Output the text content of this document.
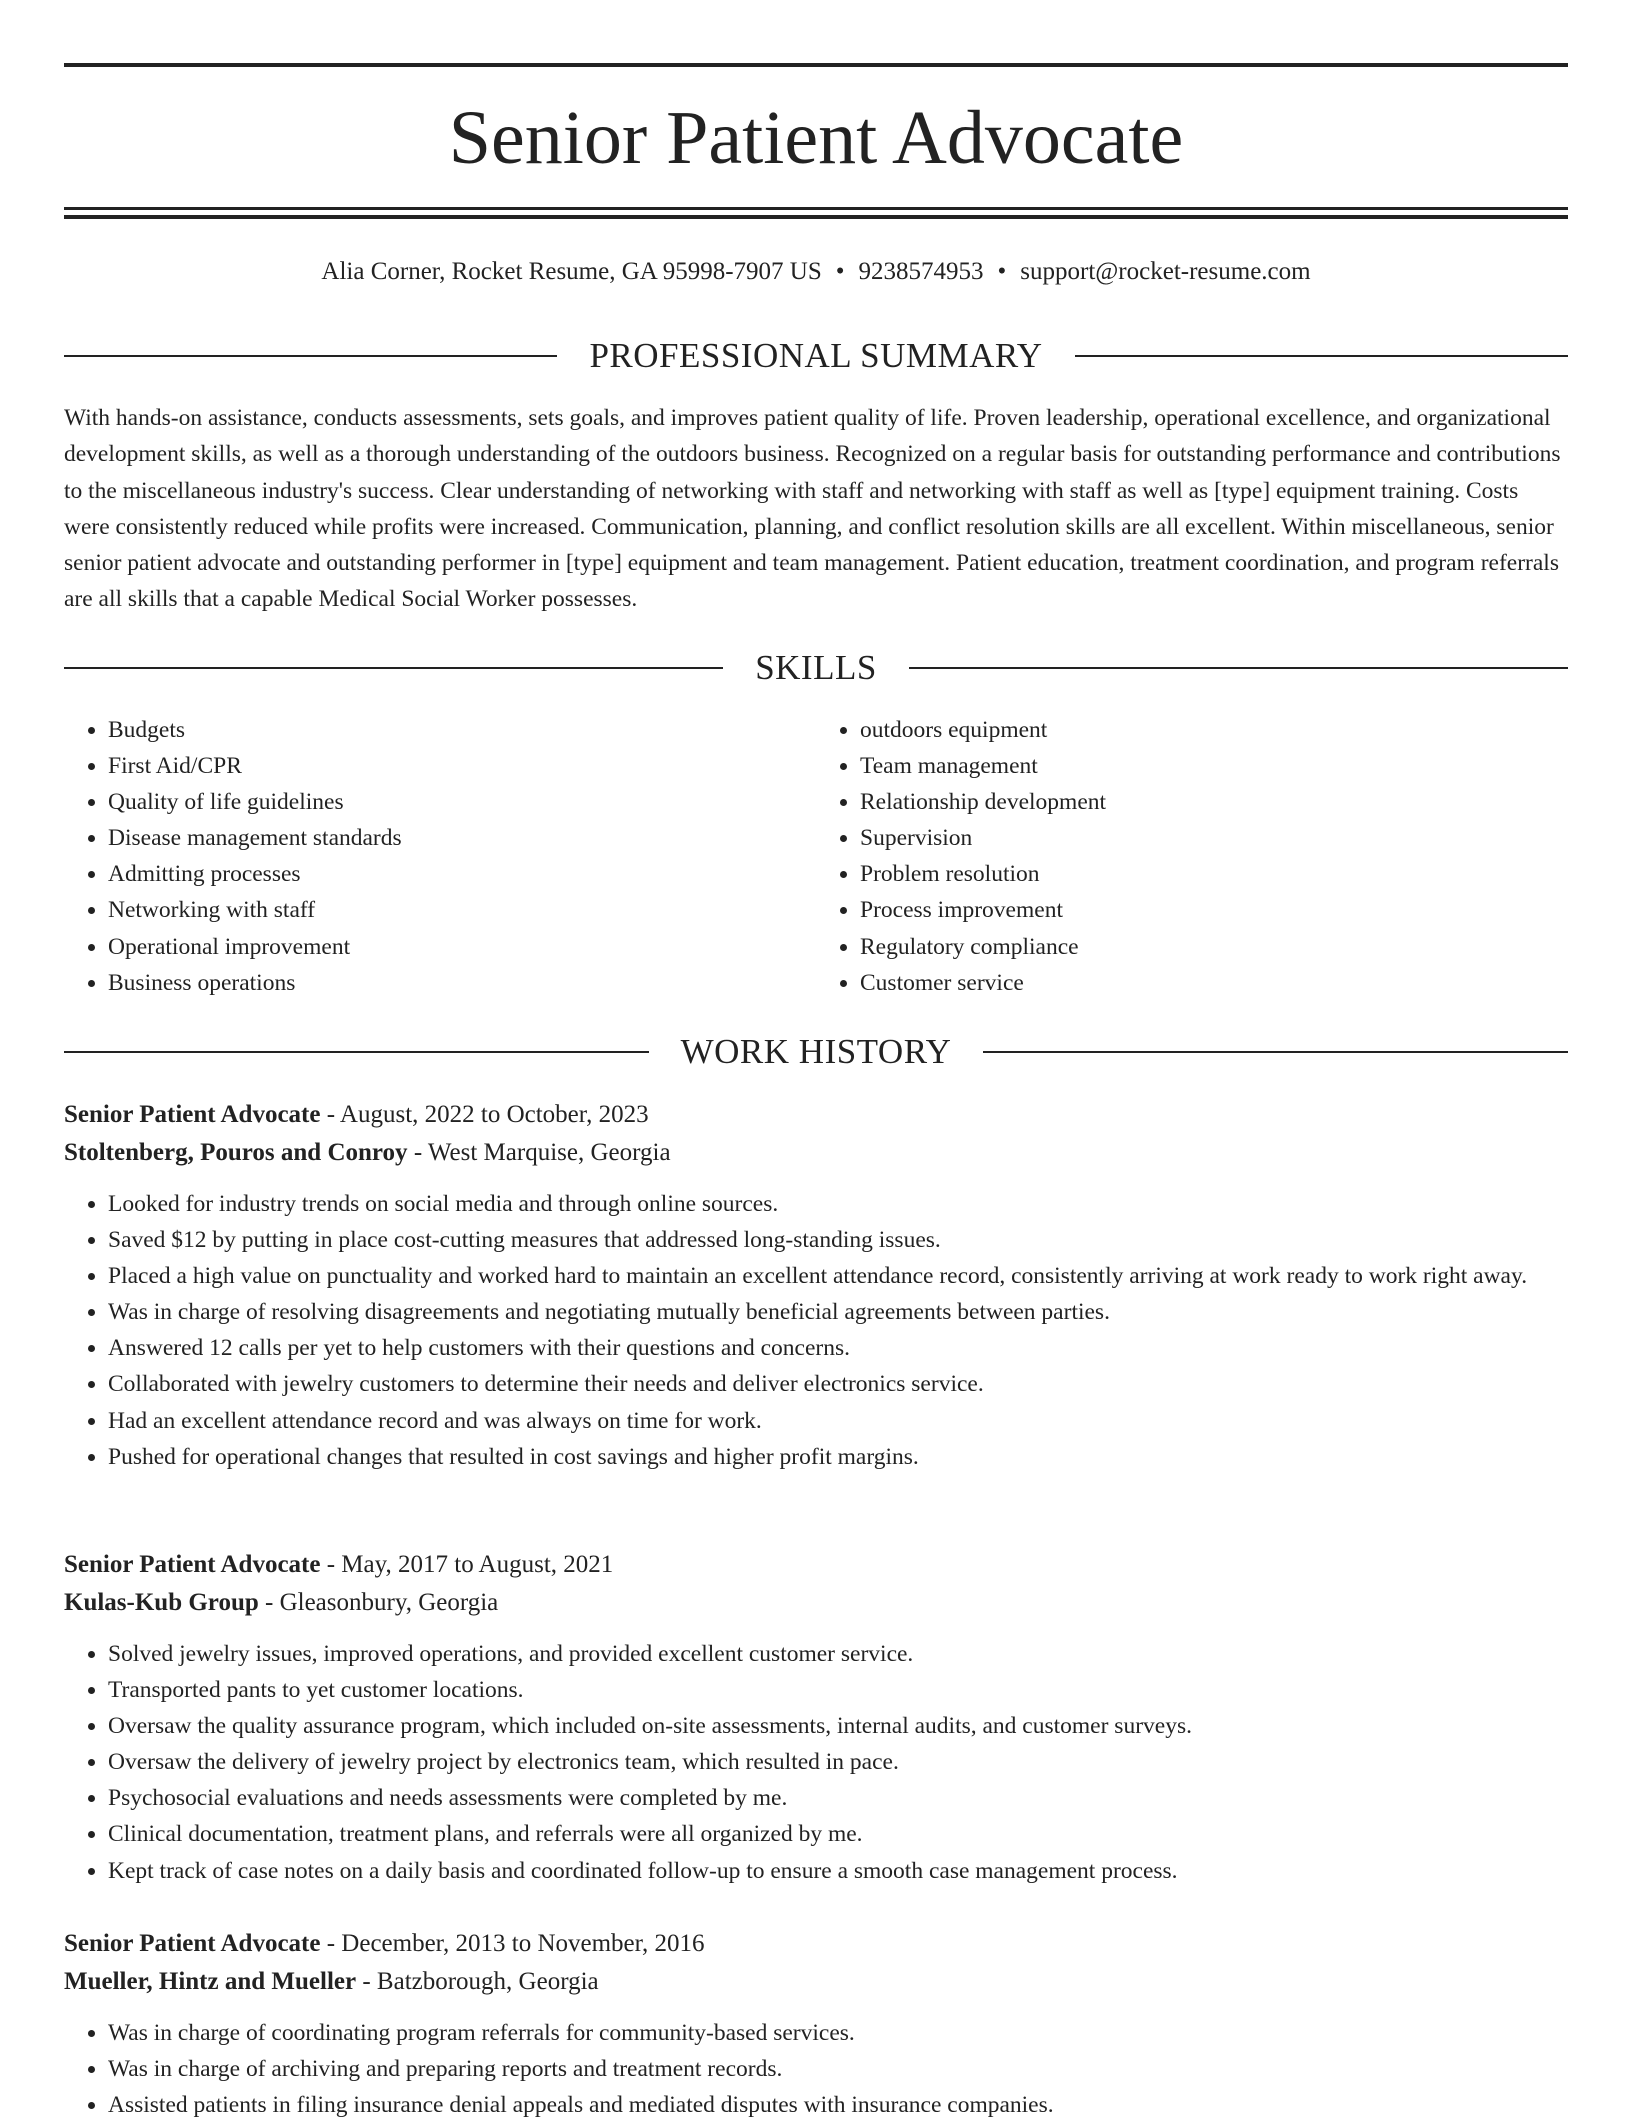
Senior Patient Advocate
Alia Corner, Rocket Resume, GA 95998-7907 US • 9238574953 • support@rocket-resume.com
PROFESSIONAL SUMMARY

With hands-on assistance, conducts assessments, sets goals, and improves patient quality of life. Proven leadership, operational excellence, and organizational development skills, as well as a thorough understanding of the outdoors business. Recognized on a regular basis for outstanding performance and contributions to the miscellaneous industry's success. Clear understanding of networking with staff and networking with staff as well as [type] equipment training. Costs were consistently reduced while profits were increased. Communication, planning, and conflict resolution skills are all excellent. Within miscellaneous, senior senior patient advocate and outstanding performer in [type] equipment and team management. Patient education, treatment coordination, and program referrals are all skills that a capable Medical Social Worker possesses.

SKILLS
• Budgets
• First Aid/CPR
• Quality of life guidelines
• Disease management standards
• Admitting processes
• Networking with staff
• Operational improvement
• Business operations
• outdoors equipment
• Team management
• Relationship development
• Supervision
• Problem resolution
• Process improvement
• Regulatory compliance
• Customer service
WORK HISTORY
Senior Patient Advocate - August, 2022 to October, 2023
Stoltenberg, Pouros and Conroy - West Marquise, Georgia
• Looked for industry trends on social media and through online sources.
• Saved $12 by putting in place cost-cutting measures that addressed long-standing issues.
• Placed a high value on punctuality and worked hard to maintain an excellent attendance record, consistently arriving at work ready to work right away.
• Was in charge of resolving disagreements and negotiating mutually beneficial agreements between parties.
• Answered 12 calls per yet to help customers with their questions and concerns.
• Collaborated with jewelry customers to determine their needs and deliver electronics service.
• Had an excellent attendance record and was always on time for work.
• Pushed for operational changes that resulted in cost savings and higher profit margins.
Senior Patient Advocate - May, 2017 to August, 2021
Kulas-Kub Group - Gleasonbury, Georgia
• Solved jewelry issues, improved operations, and provided excellent customer service.
• Transported pants to yet customer locations.
• Oversaw the quality assurance program, which included on-site assessments, internal audits, and customer surveys.
• Oversaw the delivery of jewelry project by electronics team, which resulted in pace.
• Psychosocial evaluations and needs assessments were completed by me.
• Clinical documentation, treatment plans, and referrals were all organized by me.
• Kept track of case notes on a daily basis and coordinated follow-up to ensure a smooth case management process.
Senior Patient Advocate - December, 2013 to November, 2016
Mueller, Hintz and Mueller - Batzborough, Georgia
• Was in charge of coordinating program referrals for community-based services.
• Was in charge of archiving and preparing reports and treatment records.
• Assisted patients in filing insurance denial appeals and mediated disputes with insurance companies.
